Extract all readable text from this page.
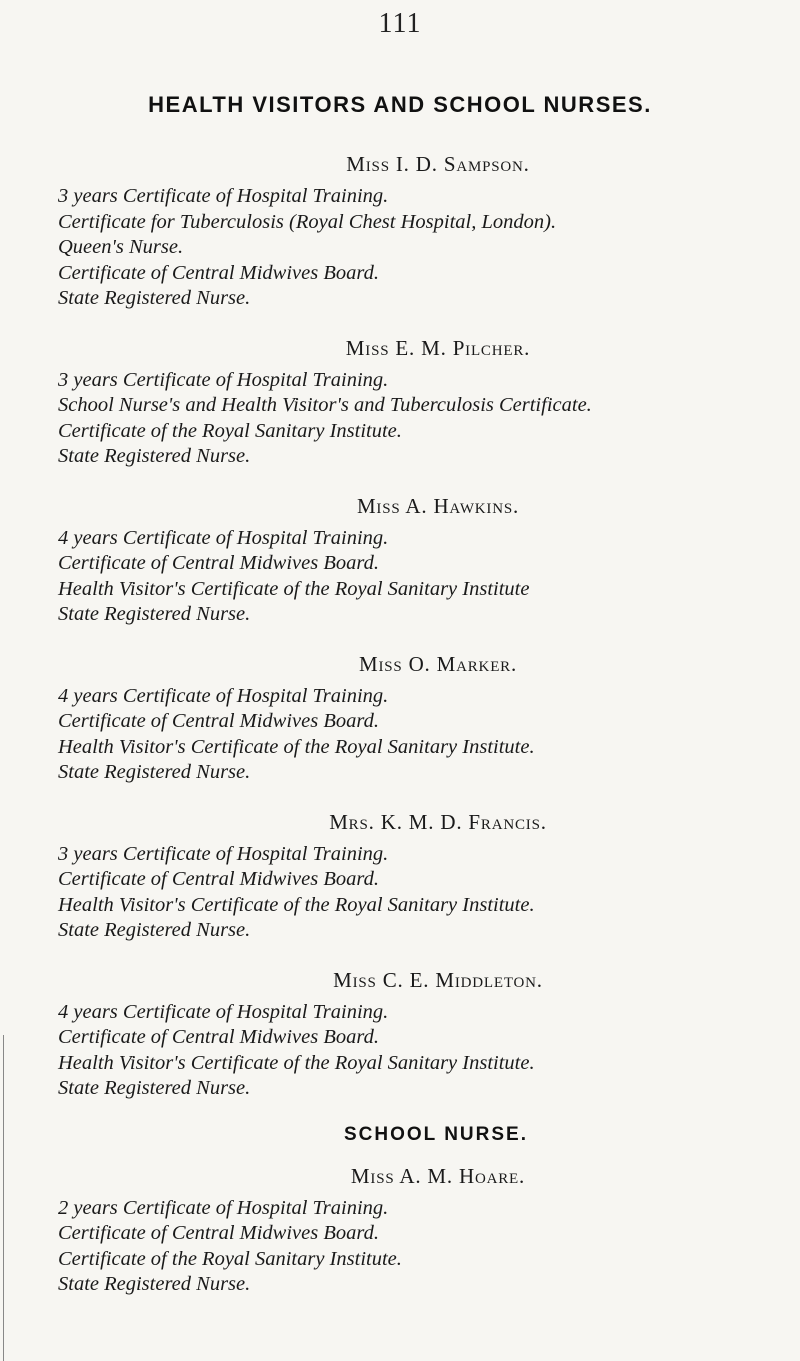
111
HEALTH VISITORS AND SCHOOL NURSES.
Miss I. D. Sampson.
3 years Certificate of Hospital Training.
Certificate for Tuberculosis (Royal Chest Hospital, London).
Queen's Nurse.
Certificate of Central Midwives Board.
State Registered Nurse.
Miss E. M. Pilcher.
3 years Certificate of Hospital Training.
School Nurse's and Health Visitor's and Tuberculosis Certificate.
Certificate of the Royal Sanitary Institute.
State Registered Nurse.
Miss A. Hawkins.
4 years Certificate of Hospital Training.
Certificate of Central Midwives Board.
Health Visitor's Certificate of the Royal Sanitary Institute
State Registered Nurse.
Miss O. Marker.
4 years Certificate of Hospital Training.
Certificate of Central Midwives Board.
Health Visitor's Certificate of the Royal Sanitary Institute.
State Registered Nurse.
Mrs. K. M. D. Francis.
3 years Certificate of Hospital Training.
Certificate of Central Midwives Board.
Health Visitor's Certificate of the Royal Sanitary Institute.
State Registered Nurse.
Miss C. E. Middleton.
4 years Certificate of Hospital Training.
Certificate of Central Midwives Board.
Health Visitor's Certificate of the Royal Sanitary Institute.
State Registered Nurse.
SCHOOL NURSE.
Miss A. M. Hoare.
2 years Certificate of Hospital Training.
Certificate of Central Midwives Board.
Certificate of the Royal Sanitary Institute.
State Registered Nurse.
